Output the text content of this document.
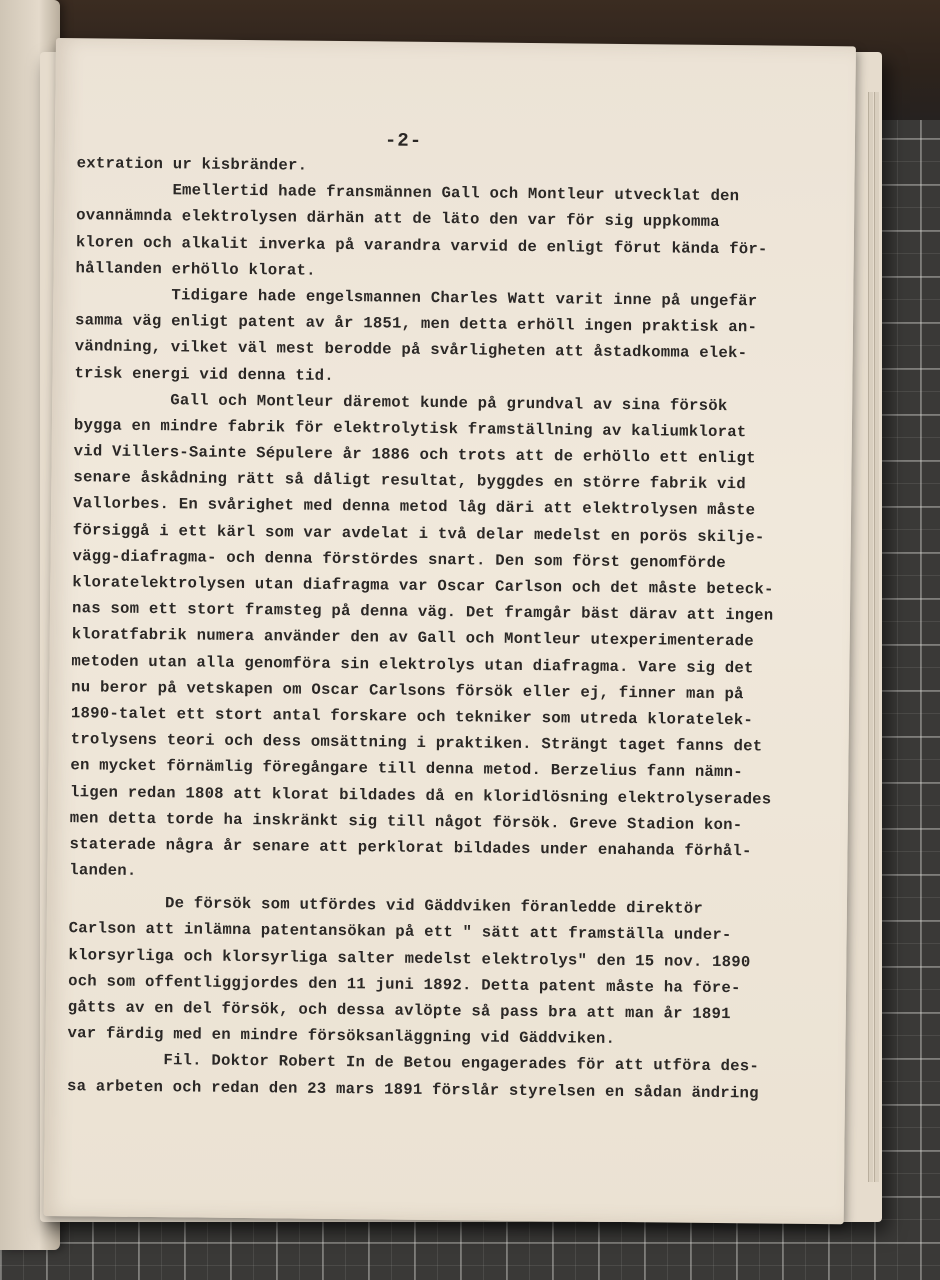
-2-
extration ur kisbränder.
Emellertid hade fransmännen Gall och Montleur utvecklat den
ovannämnda elektrolysen därhän att de läto den var för sig uppkomma
kloren och alkalit inverka på varandra varvid de enligt förut kända för-
hållanden erhöllo klorat.
Tidigare hade engelsmannen Charles Watt varit inne på ungefär
samma väg enligt patent av år 1851, men detta erhöll ingen praktisk an-
vändning, vilket väl mest berodde på svårligheten att åstadkomma elek-
trisk energi vid denna tid.
Gall och Montleur däremot kunde på grundval av sina försök
bygga en mindre fabrik för elektrolytisk framställning av kaliumklorat
vid Villers-Sainte Sépulere år 1886 och trots att de erhöllo ett enligt
senare åskådning rätt så dåligt resultat, byggdes en större fabrik vid
Vallorbes. En svårighet med denna metod låg däri att elektrolysen måste
försiggå i ett kärl som var avdelat i två delar medelst en porös skilje-
vägg-diafragma- och denna förstördes snart. Den som först genomförde
kloratelektrolysen utan diafragma var Oscar Carlson och det måste beteck-
nas som ett stort framsteg på denna väg. Det framgår bäst därav att ingen
kloratfabrik numera använder den av Gall och Montleur utexperimenterade
metoden utan alla genomföra sin elektrolys utan diafragma. Vare sig det
nu beror på vetskapen om Oscar Carlsons försök eller ej, finner man på
1890-talet ett stort antal forskare och tekniker som utreda kloratelek-
trolysens teori och dess omsättning i praktiken. Strängt taget fanns det
en mycket förnämlig föregångare till denna metod. Berzelius fann nämn-
ligen redan 1808 att klorat bildades då en kloridlösning elektrolyserades
men detta torde ha inskränkt sig till något försök. Greve Stadion kon-
staterade några år senare att perklorat bildades under enahanda förhål-
landen.
De försök som utfördes vid Gäddviken föranledde direktör
Carlson att inlämna patentansökan på ett " sätt att framställa under-
klorsyrliga och klorsyrliga salter medelst elektrolys" den 15 nov. 1890
och som offentliggjordes den 11 juni 1892. Detta patent måste ha före-
gåtts av en del försök, och dessa avlöpte så pass bra att man år 1891
var färdig med en mindre försöksanläggning vid Gäddviken.
Fil. Doktor Robert In de Betou engagerades för att utföra des-
sa arbeten och redan den 23 mars 1891 förslår styrelsen en sådan ändring
